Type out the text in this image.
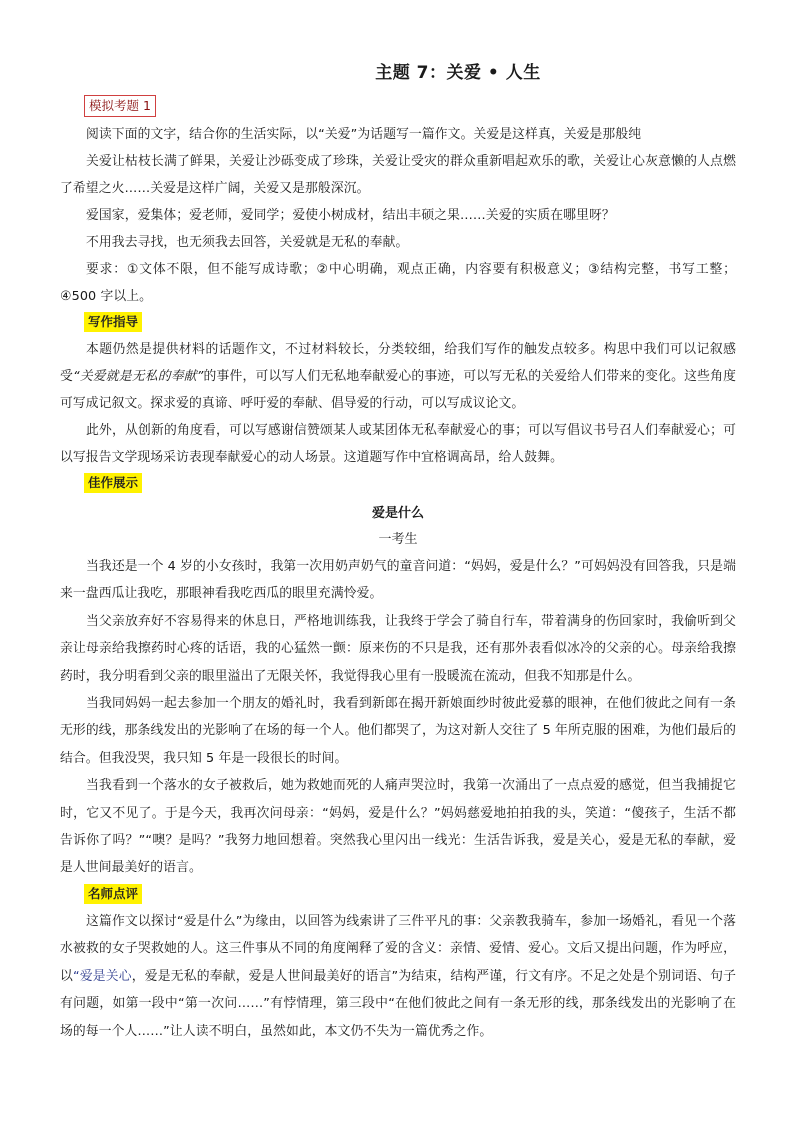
主题 7：关爱 • 人生
模拟考题 1

阅读下面的文字，结合你的生活实际，以“关爱”为话题写一篇作文。关爱是这样真，关爱是那般纯

关爱让枯枝长满了鲜果，关爱让沙砾变成了珍珠，关爱让受灾的群众重新唱起欢乐的歌，关爱让心灰意懒的人点燃了希望之火……关爱是这样广阔，关爱又是那般深沉。

爱国家，爱集体；爱老师，爱同学；爱使小树成材，结出丰硕之果……关爱的实质在哪里呀？

不用我去寻找，也无须我去回答，关爱就是无私的奉献。

要求：①文体不限，但不能写成诗歌；②中心明确，观点正确，内容要有积极意义；③结构完整，书写工整；④500 字以上。

写作指导

本题仍然是提供材料的话题作文，不过材料较长，分类较细，给我们写作的触发点较多。构思中我们可以记叙感受“关爱就是无私的奉献”的事件，可以写人们无私地奉献爱心的事迹，可以写无私的关爱给人们带来的变化。这些角度可写成记叙文。探求爱的真谛、呼吁爱的奉献、倡导爱的行动，可以写成议论文。

此外，从创新的角度看，可以写感谢信赞颂某人或某团体无私奉献爱心的事；可以写倡议书号召人们奉献爱心；可以写报告文学现场采访表现奉献爱心的动人场景。这道题写作中宜格调高昂，给人鼓舞。

佳作展示
爱是什么
一考生

当我还是一个 4 岁的小女孩时，我第一次用奶声奶气的童音问道：“妈妈，爱是什么？”可妈妈没有回答我，只是端来一盘西瓜让我吃，那眼神看我吃西瓜的眼里充满怜爱。

当父亲放弃好不容易得来的休息日，严格地训练我，让我终于学会了骑自行车，带着满身的伤回家时，我偷听到父亲让母亲给我擦药时心疼的话语，我的心猛然一颤：原来伤的不只是我，还有那外表看似冰冷的父亲的心。母亲给我擦药时，我分明看到父亲的眼里溢出了无限关怀，我觉得我心里有一股暖流在流动，但我不知那是什么。

当我同妈妈一起去参加一个朋友的婚礼时，我看到新郎在揭开新娘面纱时彼此爱慕的眼神，在他们彼此之间有一条无形的线，那条线发出的光影响了在场的每一个人。他们都哭了，为这对新人交往了 5 年所克服的困难，为他们最后的结合。但我没哭，我只知 5 年是一段很长的时间。

当我看到一个落水的女子被救后，她为救她而死的人痛声哭泣时，我第一次涌出了一点点爱的感觉，但当我捕捉它时，它又不见了。于是今天，我再次问母亲：“妈妈，爱是什么？”妈妈慈爱地拍拍我的头，笑道：“傻孩子，生活不都告诉你了吗？”“噢？是吗？”我努力地回想着。突然我心里闪出一线光：生活告诉我，爱是关心，爱是无私的奉献，爱是人世间最美好的语言。

名师点评

这篇作文以探讨“爱是什么”为缘由，以回答为线索讲了三件平凡的事：父亲教我骑车，参加一场婚礼，看见一个落水被救的女子哭救她的人。这三件事从不同的角度阐释了爱的含义：亲情、爱情、爱心。文后又提出问题，作为呼应，以“爱是关心，爱是无私的奉献，爱是人世间最美好的语言”为结束，结构严谨，行文有序。不足之处是个别词语、句子有问题，如第一段中“第一次问……”有悖情理，第三段中“在他们彼此之间有一条无形的线，那条线发出的光影响了在场的每一个人……”让人读不明白，虽然如此，本文仍不失为一篇优秀之作。
